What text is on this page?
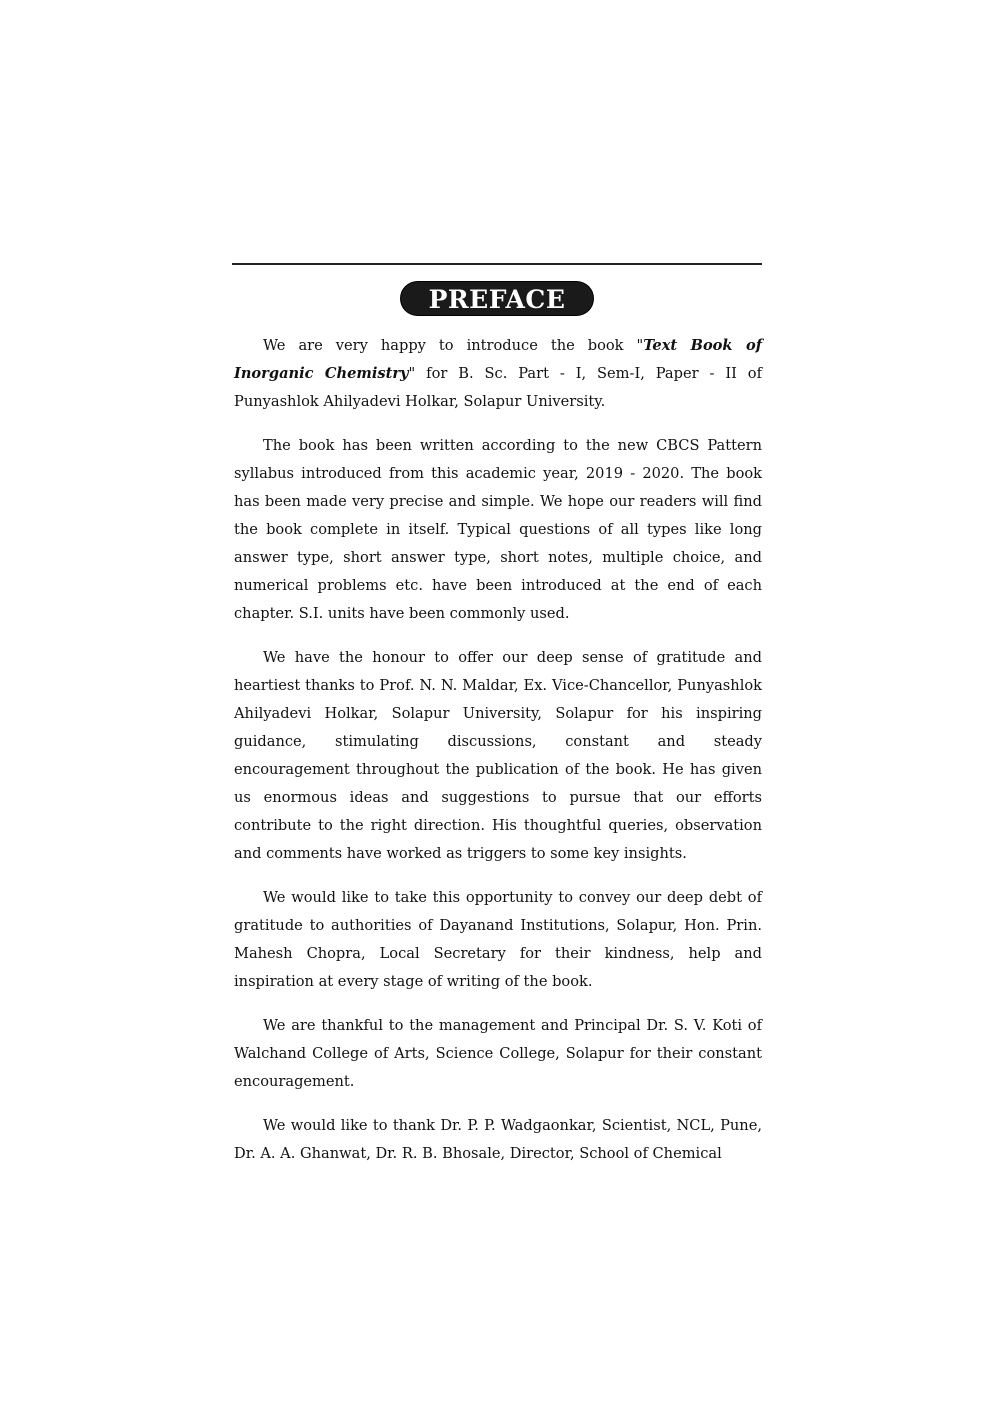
PREFACE

We are very happy to introduce the book "Text Book of Inorganic Chemistry" for B. Sc. Part - I, Sem-I, Paper - II of Punyashlok Ahilyadevi Holkar, Solapur University.

The book has been written according to the new CBCS Pattern syllabus introduced from this academic year, 2019 - 2020. The book has been made very precise and simple. We hope our readers will find the book complete in itself. Typical questions of all types like long answer type, short answer type, short notes, multiple choice, and numerical problems etc. have been introduced at the end of each chapter. S.I. units have been commonly used.

We have the honour to offer our deep sense of gratitude and heartiest thanks to Prof. N. N. Maldar, Ex. Vice-Chancellor, Punyashlok Ahilyadevi Holkar, Solapur University, Solapur for his inspiring guidance, stimulating discussions, constant and steady encouragement throughout the publication of the book. He has given us enormous ideas and suggestions to pursue that our efforts contribute to the right direction. His thoughtful queries, observation and comments have worked as triggers to some key insights.

We would like to take this opportunity to convey our deep debt of gratitude to authorities of Dayanand Institutions, Solapur, Hon. Prin. Mahesh Chopra, Local Secretary for their kindness, help and inspiration at every stage of writing of the book.

We are thankful to the management and Principal Dr. S. V. Koti of Walchand College of Arts, Science College, Solapur for their constant encouragement.

We would like to thank Dr. P. P. Wadgaonkar, Scientist, NCL, Pune, Dr. A. A. Ghanwat, Dr. R. B. Bhosale, Director, School of Chemical
